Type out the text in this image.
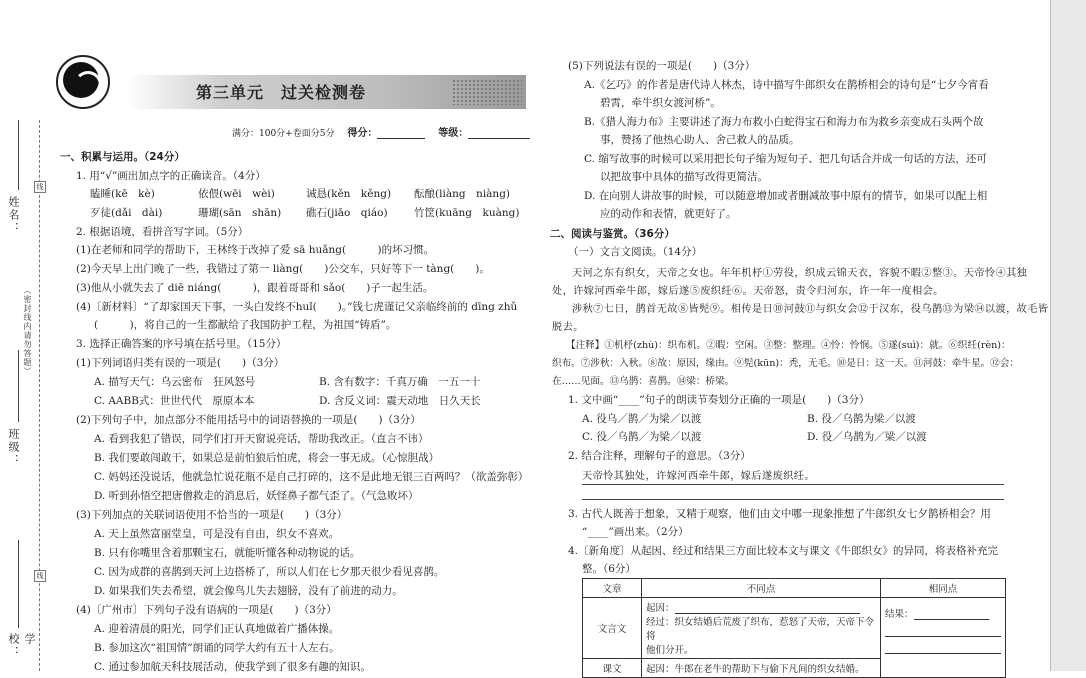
线
线
姓名：
（密封线内请勿答题）
班级：
学校：
风鹿教辅	第三单元　过关检测卷
满分：100分+卷面分5分 得分：	等级：
一、积累与运用。（24分）
1. 用“√”画出加点字的正确读音。（4分）
瞌睡(kē　kè)	依偎(wēi　wèi)	诫恳(kěn　kěng) 酝酿(liàng　niàng)
歹徒(dǎi　dài)	珊瑚(sān　shān) 礁石(jiāo　qiáo)	竹筐(kuāng　kuàng)
2. 根据语境，看拼音写字词。（5分）
(1)在老师和同学的帮助下，王林终于改掉了爱 sā huǎng(　　　)的坏习惯。
(2)今天早上出门晚了一些，我错过了第一 liàng(　　)公交车，只好等下一 tàng(　　)。
(3)他从小就失去了 diē niáng(　　　)，跟着哥哥和 sǎo(　　)子一起生活。
(4)〔新材料〕“了却家国天下事，一头白发终不huǐ(　　)。”钱七虎谨记父亲临终前的 dīng zhǔ
(　　　)，将自己的一生都献给了我国防护工程，为祖国“铸盾”。
3. 选择正确答案的序号填在括号里。（15分）
(1)下列词语归类有误的一项是(　　)（3分）
A. 描写天气：乌云密布　狂风怒号	B. 含有数字：千真万确　一五一十
C. AABB式：世世代代　原原本本	D. 含反义词：震天动地　日久天长
(2)下列句子中，加点部分不能用括号中的词语替换的一项是(　　)（3分）
A. 看到我犯了错误，同学们打开天窗说亮话，帮助我改正。（直言不讳）
B. 我们要敢闯敢干，如果总是前怕狼后怕虎，将会一事无成。（心惊胆战）
C. 妈妈还没说话，他就急忙说花瓶不是自己打碎的，这不是此地无银三百两吗？（欲盖弥彰）
D. 听到孙悟空把唐僧救走的消息后，妖怪鼻子都气歪了。（气急败坏）
(3)下列加点的关联词语使用不恰当的一项是(　　)（3分）
A. 天上虽然富丽堂皇，可是没有自由，织女不喜欢。
B. 只有你嘴里含着那颗宝石，就能听懂各种动物说的话。
C. 因为成群的喜鹊到天河上边搭桥了，所以人们在七夕那天很少看见喜鹊。
D. 如果我们失去希望，就会像鸟儿失去翅膀，没有了前进的动力。
(4)〔广州市〕下列句子没有语病的一项是(　　)（3分）
A. 迎着清晨的阳光，同学们正认真地做着广播体操。
B. 参加这次“祖国情”朗诵的同学大约有五十人左右。
C. 通过参加航天科技展活动，使我学到了很多有趣的知识。
(5)下列说法有误的一项是(　　)（3分）
A.《乞巧》的作者是唐代诗人林杰，诗中描写牛郎织女在鹊桥相会的诗句是“七夕今宵看
碧霄，牵牛织女渡河桥”。
B.《猎人海力布》主要讲述了海力布救小白蛇得宝石和海力布为救乡亲变成石头两个故
事，赞扬了他热心助人、舍己救人的品质。
C. 缩写故事的时候可以采用把长句子缩为短句子、把几句话合并成一句话的方法，还可
以把故事中具体的描写改得更简洁。
D. 在向别人讲故事的时候，可以随意增加或者删减故事中原有的情节，如果可以配上相
应的动作和表情，就更好了。
二、阅读与鉴赏。（36分）
（一）文言文阅读。（14分）
天河之东有织女，天帝之女也。年年机杼①劳役，织成云锦天衣，容貌不暇②整③。天帝怜④其独
处，许嫁河西牵牛郎，嫁后遂⑤废织纴⑥。天帝怒，责令归河东，许一年一度相会。
涉秋⑦七日，鹊首无故⑧皆髡⑨。相传是日⑩河鼓⑪与织女会⑫于汉东，役乌鹊⑬为梁⑭以渡，故毛皆
脱去。
【注释】①机杼(zhù)：织布机。②暇：空闲。③整：整理。④怜：怜悯。⑤遂(suì)：就。⑥织纴(rèn)：
织布。⑦涉秋：入秋。⑧故：原因，缘由。⑨髡(kūn)：秃，无毛。⑩是日：这一天。⑪河鼓：牵牛星。⑫会：
在……见面。⑬乌鹊：喜鹊。⑭梁：桥梁。
1. 文中画“____”句子的朗读节奏划分正确的一项是(　　)（3分）
A. 役乌／鹊／为梁／以渡	B. 役／乌鹊为梁／以渡
C. 役／乌鹊／为梁／以渡	D. 役／乌鹊为／梁／以渡
2. 结合注释，理解句子的意思。（3分）
天帝怜其独处，许嫁河西牵牛郎，嫁后遂废织纴。
3. 古代人既善于想象，又精于观察，他们由文中哪一现象推想了牛郎织女七夕鹊桥相会？用
“____”画出来。（2分）
4.〔新角度〕从起因、经过和结果三方面比较本文与课文《牛郎织女》的异同，将表格补充完
整。（6分）
文章	不同点	相同点
文言文	起因：
经过：织女结婚后荒废了织布，惹怒了天帝，天帝下令将
他们分开。	结果：

课文	起因：牛郎在老牛的帮助下与偷下凡间的织女结婚。	
